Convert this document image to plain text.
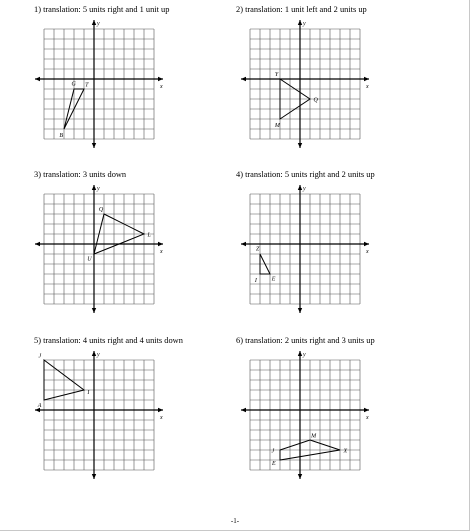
1) translation: 5 units right and 1 unit up	2) translation: 1 unit left and 2 units up
3) translation: 3 units down	4) translation: 5 units right and 2 units up
5) translation: 4 units right and 4 units down	6) translation: 2 units right and 3 units up
x
y
G T
B
x
y
Y
Q
M
x
y
Q
L
U
x
y
Z
E
I
x
y
J
I
A
x
y
M
X
E
J
-1-
